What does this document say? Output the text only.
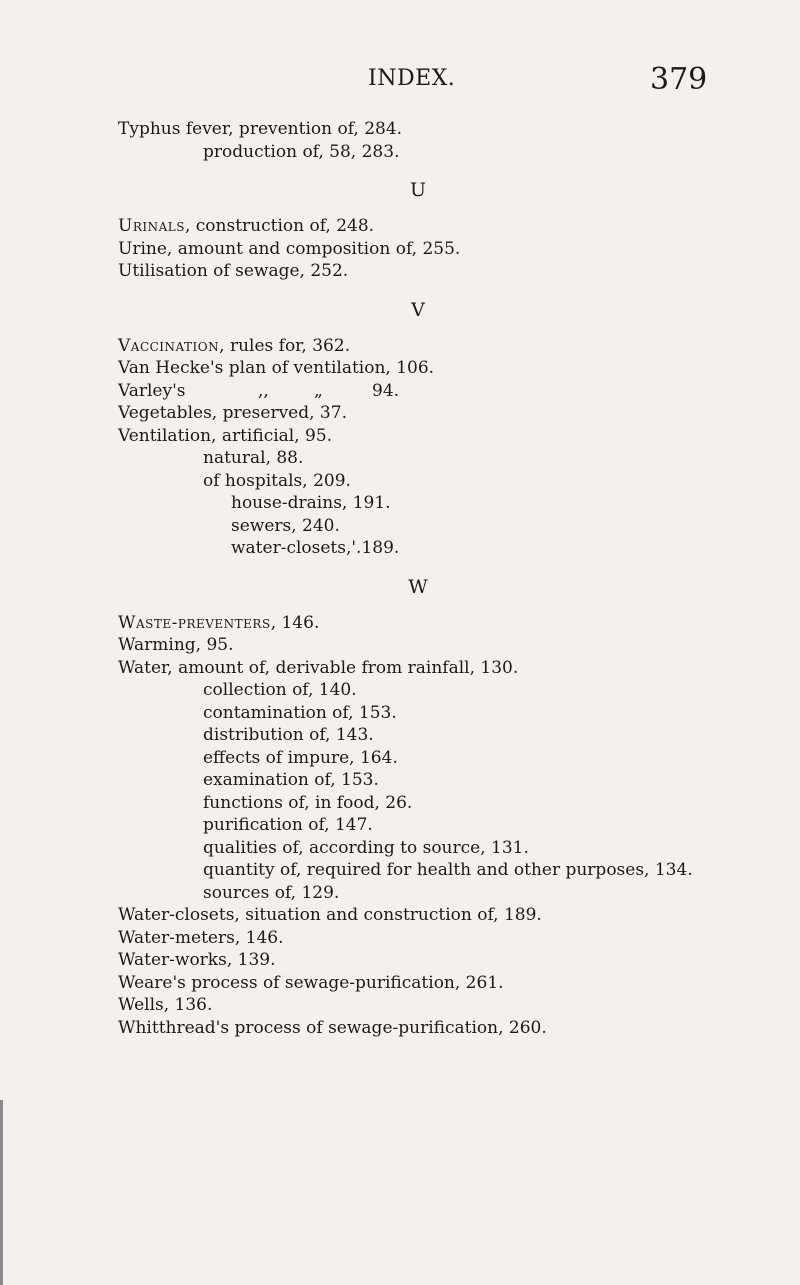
INDEX.	379
Typhus fever, prevention of, 284.
production of, 58, 283.
U
Urinals, construction of, 248.
Urine, amount and composition of, 255.
Utilisation of sewage, 252.
V
Vaccination, rules for, 362.
Van Hecke's plan of ventilation, 106.
Varley's	,,	„	94.
Vegetables, preserved, 37.
Ventilation, artificial, 95.
natural, 88.
of hospitals, 209.
house-drains, 191.
sewers, 240.
water-closets,'.189.
W
Waste-preventers, 146.
Warming, 95.
Water, amount of, derivable from rainfall, 130.
collection of, 140.
contamination of, 153.
distribution of, 143.
effects of impure, 164.
examination of, 153.
functions of, in food, 26.
purification of, 147.
qualities of, according to source, 131.
quantity of, required for health and other purposes, 134.
sources of, 129.
Water-closets, situation and construction of, 189.
Water-meters, 146.
Water-works, 139.
Weare's process of sewage-purification, 261.
Wells, 136.
Whitthread's process of sewage-purification, 260.
